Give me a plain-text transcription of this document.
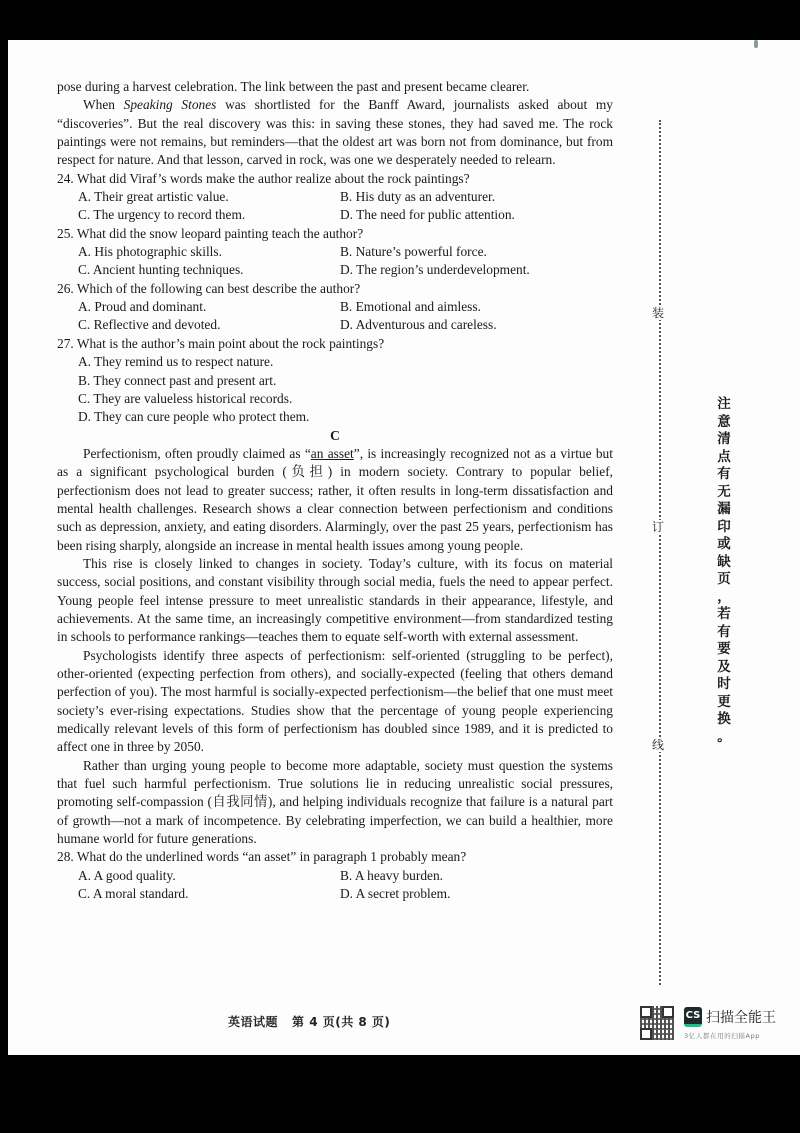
pose during a harvest celebration. The link between the past and present became clearer.

When Speaking Stones was shortlisted for the Banff Award, journalists asked about my “discoveries”. But the real discovery was this: in saving these stones, they had saved me. The rock paintings were not remains, but reminders—that the oldest art was born not from dominance, but from respect for nature. And that lesson, carved in rock, was one we desperately needed to relearn.

24. What did Viraf’s words make the author realize about the rock paintings?

A. Their great artistic value.	B. His duty as an adventurer.
C. The urgency to record them.	D. The need for public attention.

25. What did the snow leopard painting teach the author?

A. His photographic skills.	B. Nature’s powerful force.
C. Ancient hunting techniques.	D. The region’s underdevelopment.

26. Which of the following can best describe the author?

A. Proud and dominant.	B. Emotional and aimless.
C. Reflective and devoted.	D. Adventurous and careless.

27. What is the author’s main point about the rock paintings?

A. They remind us to respect nature.
B. They connect past and present art.
C. They are valueless historical records.
D. They can cure people who protect them.

C

Perfectionism, often proudly claimed as “an asset”, is increasingly recognized not as a virtue but as a significant psychological burden (负担) in modern society. Contrary to popular belief, perfectionism does not lead to greater success; rather, it often results in long-term dissatisfaction and mental health challenges. Research shows a clear connection between perfectionism and conditions such as depression, anxiety, and eating disorders. Alarmingly, over the past 25 years, perfectionism has been rising sharply, alongside an increase in mental health issues among young people.

This rise is closely linked to changes in society. Today’s culture, with its focus on material success, social positions, and constant visibility through social media, fuels the need to appear perfect. Young people feel intense pressure to meet unrealistic standards in their appearance, lifestyle, and achievements. At the same time, an increasingly competitive environment—from standardized testing in schools to performance rankings—teaches them to equate self-worth with external assessment.

Psychologists identify three aspects of perfectionism: self-oriented (struggling to be perfect), other-oriented (expecting perfection from others), and socially-expected (feeling that others demand perfection of you). The most harmful is socially-expected perfectionism—the belief that one must meet society’s ever-rising expectations. Studies show that the percentage of young people experiencing medically relevant levels of this form of perfectionism has doubled since 1989, and it is predicted to affect one in three by 2050.

Rather than urging young people to become more adaptable, society must question the systems that fuel such harmful perfectionism. True solutions lie in reducing unrealistic social pressures, promoting self-compassion (自我同情), and helping individuals recognize that failure is a natural part of growth—not a mark of incompetence. By celebrating imperfection, we can build a healthier, more humane world for future generations.

28. What do the underlined words “an asset” in paragraph 1 probably mean?

A. A good quality.	B. A heavy burden.
C. A moral standard.	D. A secret problem.
装
订
线
注
意
清
点
有
无
漏
印
或
缺
页
，
若
有
要
及
时
更
换
。
英语试题 第 4 页(共 8 页)	CS 扫描全能王
3亿人都在用的扫描App
